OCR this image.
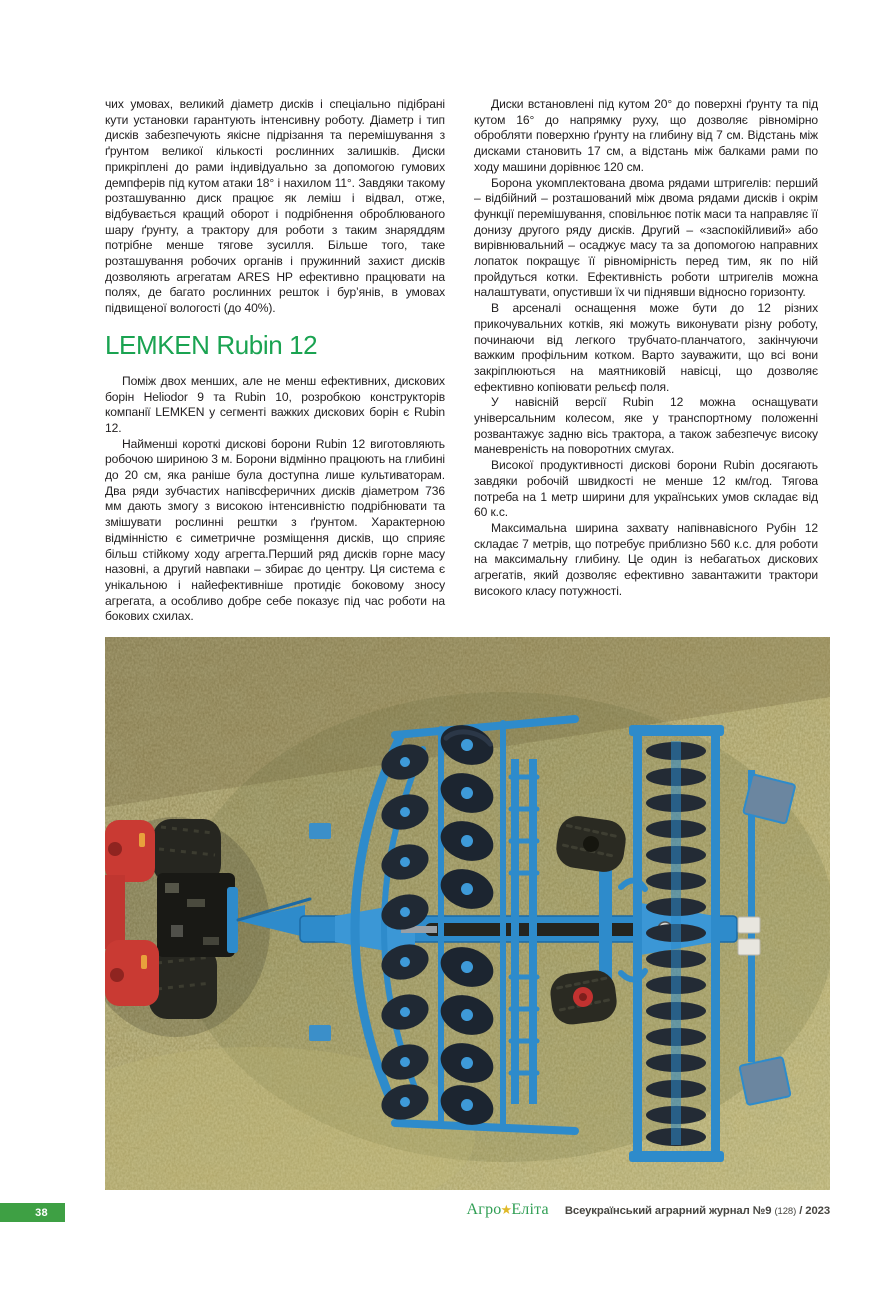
чих умовах, великий діаметр дисків і спеціально підібрані кути установки гарантують інтенсивну роботу. Діаметр і тип дисків забезпечують якісне підрізання та перемішування з ґрунтом великої кількості рослинних залишків. Диски прикріплені до рами індивідуально за допомогою гумових демпферів під кутом атаки 18° і нахилом 11°. Завдяки такому розташуванню диск працює як леміш і відвал, отже, відбувається кращий оборот і подрібнення оброблюваного шару ґрунту, а трактору для роботи з таким знаряддям потрібне менше тягове зусилля. Більше того, таке розташування робочих органів і пружинний захист дисків дозволяють агрегатам ARES HP ефективно працювати на полях, де багато рослинних решток і бур’янів, в умовах підвищеної вологості (до 40%).

LEMKEN Rubin 12

Поміж двох менших, але не менш ефективних, дискових борін Heliodor 9 та Rubin 10, розробкою конструкторів компанії LEMKEN у сегменті важких дискових борін є Rubin 12.

Найменші короткі дискові борони Rubin 12 виготовляють робочою шириною 3 м. Борони відмінно працюють на глибині до 20 см, яка раніше була доступна лише культиваторам. Два ряди зубчастих напівсферичних дисків діаметром 736 мм дають змогу з високою інтенсивністю подрібнювати та змішувати рослинні рештки з ґрунтом. Характерною відмінністю є симетричне розміщення дисків, що сприяє більш стійкому ходу агрегта.Перший ряд дисків горне масу назовні, а другий навпаки – збирає до центру. Ця система є унікальною і найефективніше протидіє боковому зносу агрегата, а особливо добре себе показує під час роботи на бокових схилах.

Диски встановлені під кутом 20° до поверхні ґрунту та під кутом 16° до напрямку руху, що дозволяє рівномірно обробляти поверхню ґрунту на глибину від 7 см. Відстань між дисками становить 17 см, а відстань між балками рами по ходу машини дорівнює 120 см.

Борона укомплектована двома рядами штригелів: перший – відбійний – розташований між двома рядами дисків і окрім функції перемішування, сповільнює потік маси та направляє її донизу другого ряду дисків. Другий – «заспокійливий» або вирівнювальний – осаджує масу та за допомогою направних лопаток покращує її рівномірність перед тим, як по ній пройдуться котки. Ефективність роботи штригелів можна налаштувати, опустивши їх чи піднявши відносно горизонту.

В арсеналі оснащення може бути до 12 різних прикочувальних котків, які можуть виконувати різну роботу, починаючи від легкого трубчато-планчатого, закінчуючи важким профільним котком. Варто зауважити, що всі вони закріплюються на маятниковій навісці, що дозволяє ефективно копіювати рельєф поля.

У навісній версії Rubin 12 можна оснащувати універсальним колесом, яке у транспортному положенні розвантажує задню вісь трактора, а також забезпечує високу маневреність на поворотних смугах.

Високої продуктивності дискові борони Rubin досягають завдяки робочій швидкості не менше 12 км/год. Тягова потреба на 1 метр ширини для українських умов складає від 60 к.с.

Максимальна ширина захвату напівнавісного Рубін 12 складає 7 метрів, що потребує приблизно 560 к.с. для роботи на максимальну глибину. Це один із небагатьох дискових агрегатів, який дозволяє ефективно завантажити трактори високого класу потужності.

38	Агро★Еліта Всеукраїнський аграрний журнал №9 (128) / 2023
